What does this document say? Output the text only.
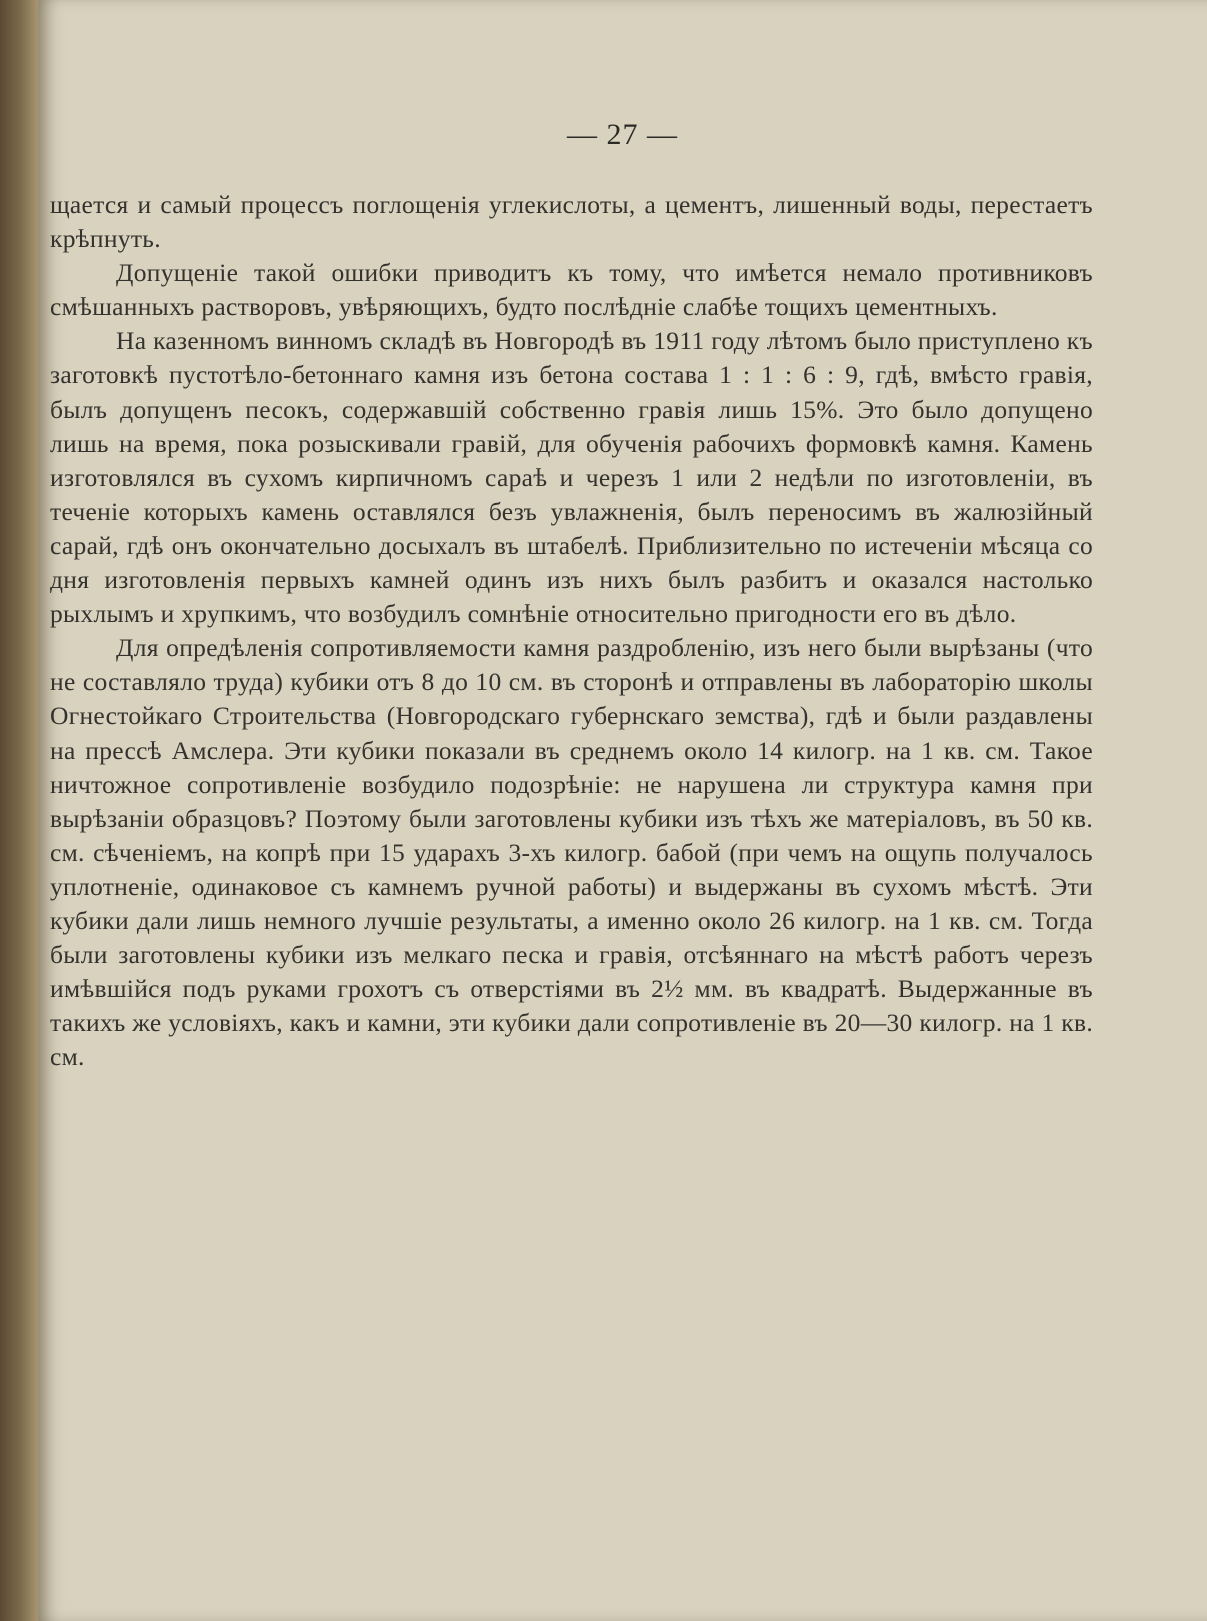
— 27 —

щается и самый процессъ поглощенія углекислоты, а цементъ, лишенный воды, перестаетъ крѣпнуть.

Допущеніе такой ошибки приводитъ къ тому, что имѣется немало противниковъ смѣшанныхъ растворовъ, увѣряющихъ, будто послѣдніе слабѣе тощихъ цементныхъ.

На казенномъ винномъ складѣ въ Новгородѣ въ 1911 году лѣтомъ было приступлено къ заготовкѣ пустотѣло-бетоннаго камня изъ бетона состава 1 : 1 : 6 : 9, гдѣ, вмѣсто гравія, былъ допущенъ песокъ, содержавшій собственно гравія лишь 15%. Это было допущено лишь на время, пока розыскивали гравій, для обученія рабочихъ формовкѣ камня. Камень изготовлялся въ сухомъ кирпичномъ сараѣ и черезъ 1 или 2 недѣли по изготовленіи, въ теченіе которыхъ камень оставлялся безъ увлажненія, былъ переносимъ въ жалюзійный сарай, гдѣ онъ окончательно досыхалъ въ штабелѣ. Приблизительно по истеченіи мѣсяца со дня изготовленія первыхъ камней одинъ изъ нихъ былъ разбитъ и оказался настолько рыхлымъ и хрупкимъ, что возбудилъ сомнѣніе относительно пригодности его въ дѣло.

Для опредѣленія сопротивляемости камня раздробленію, изъ него были вырѣзаны (что не составляло труда) кубики отъ 8 до 10 см. въ сторонѣ и отправлены въ лабораторію школы Огнестойкаго Строительства (Новгородскаго губернскаго земства), гдѣ и были раздавлены на прессѣ Амслера. Эти кубики показали въ среднемъ около 14 килогр. на 1 кв. см. Такое ничтожное сопротивленіе возбудило подозрѣніе: не нарушена ли структура камня при вырѣзаніи образцовъ? Поэтому были заготовлены кубики изъ тѣхъ же матеріаловъ, въ 50 кв. см. сѣченіемъ, на копрѣ при 15 ударахъ 3-хъ килогр. бабой (при чемъ на ощупь получалось уплотненіе, одинаковое съ камнемъ ручной работы) и выдержаны въ сухомъ мѣстѣ. Эти кубики дали лишь немного лучшіе результаты, а именно около 26 килогр. на 1 кв. см. Тогда были заготовлены кубики изъ мелкаго песка и гравія, отсѣяннаго на мѣстѣ работъ черезъ имѣвшійся подъ руками грохотъ съ отверстіями въ 2½ мм. въ квадратѣ. Выдержанные въ такихъ же условіяхъ, какъ и камни, эти кубики дали сопротивленіе въ 20—30 килогр. на 1 кв. см.
